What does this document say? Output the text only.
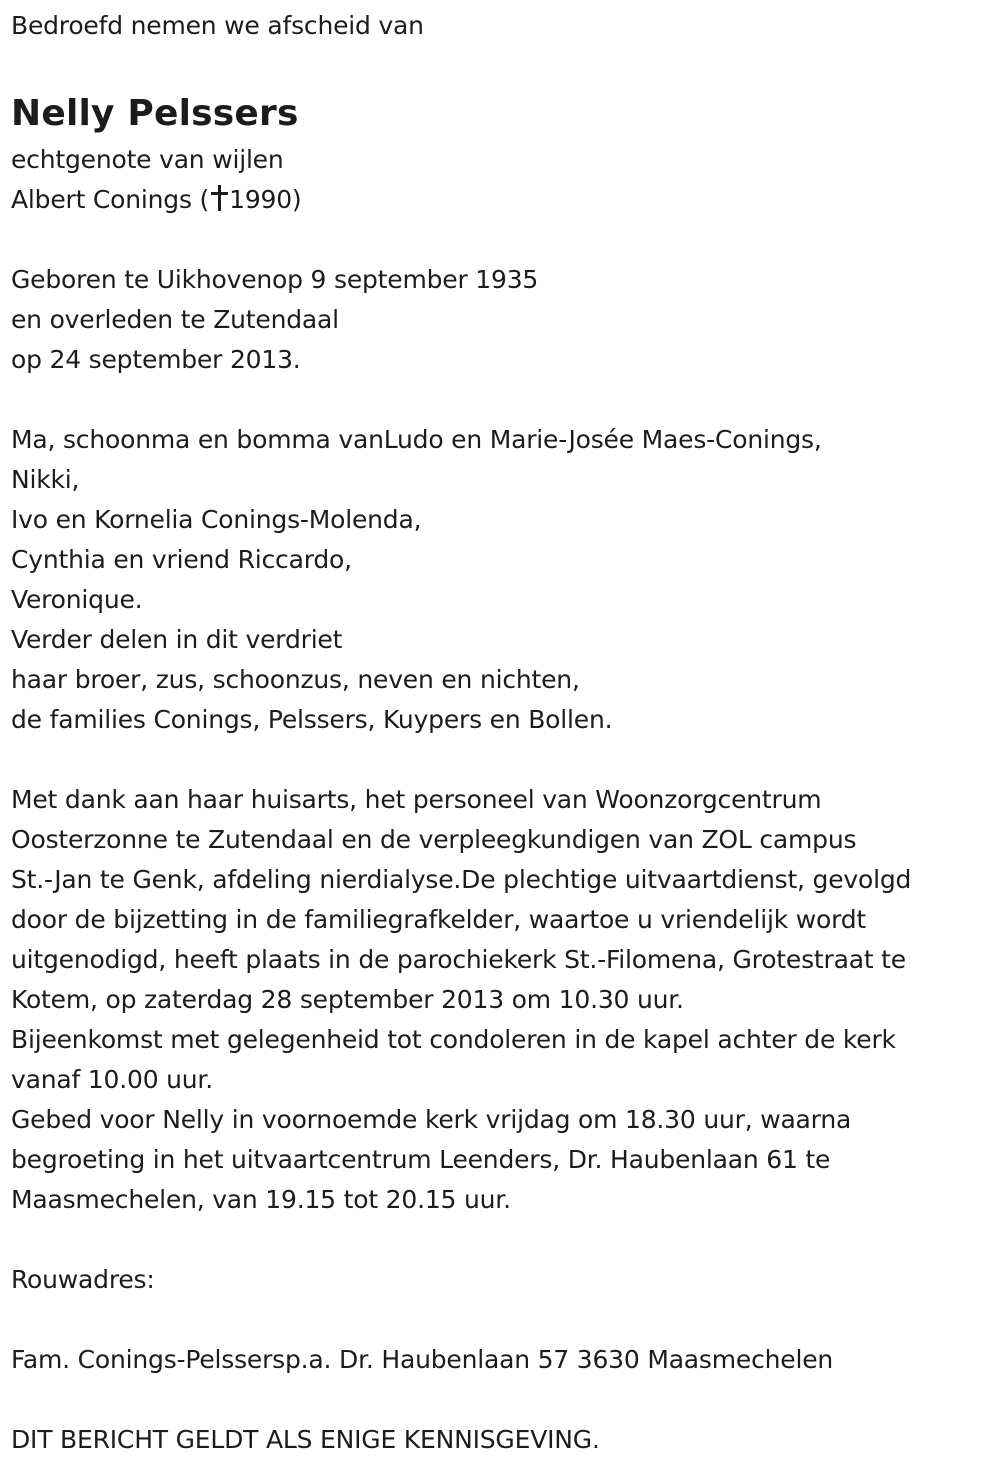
Bedroefd nemen we afscheid van
Nelly Pelssers
echtgenote van wijlen
Albert Conings ( 1990)
Geboren te Uikhovenop 9 september 1935
en overleden te Zutendaal
op 24 september 2013.
Ma, schoonma en bomma vanLudo en Marie-Josée Maes-Conings,
Nikki,
Ivo en Kornelia Conings-Molenda,
Cynthia en vriend Riccardo,
Veronique.
Verder delen in dit verdriet
haar broer, zus, schoonzus, neven en nichten,
de families Conings, Pelssers, Kuypers en Bollen.
Met dank aan haar huisarts, het personeel van Woonzorgcentrum
Oosterzonne te Zutendaal en de verpleegkundigen van ZOL campus
St.-Jan te Genk, afdeling nierdialyse.De plechtige uitvaartdienst, gevolgd
door de bijzetting in de familiegrafkelder, waartoe u vriendelijk wordt
uitgenodigd, heeft plaats in de parochiekerk St.-Filomena, Grotestraat te
Kotem, op zaterdag 28 september 2013 om 10.30 uur.
Bijeenkomst met gelegenheid tot condoleren in de kapel achter de kerk
vanaf 10.00 uur.
Gebed voor Nelly in voornoemde kerk vrijdag om 18.30 uur, waarna
begroeting in het uitvaartcentrum Leenders, Dr. Haubenlaan 61 te
Maasmechelen, van 19.15 tot 20.15 uur.
Rouwadres:
Fam. Conings-Pelssersp.a. Dr. Haubenlaan 57 3630 Maasmechelen
DIT BERICHT GELDT ALS ENIGE KENNISGEVING.
